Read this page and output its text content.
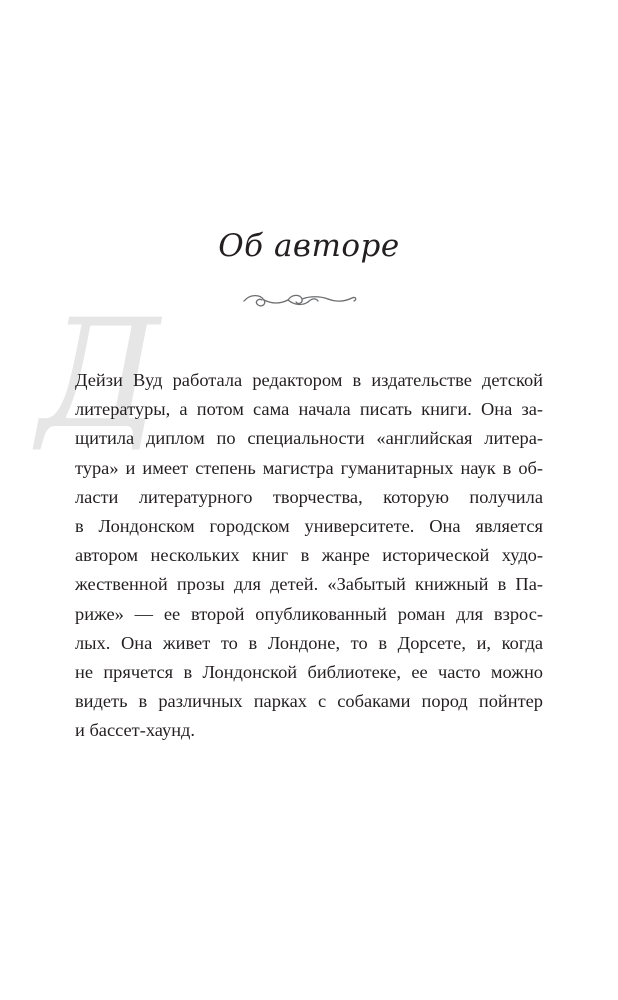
Об авторе
Д
Дейзи Вуд работала редактором в издательстве детской
литературы, а потом сама начала писать книги. Она за-
щитила диплом по специальности «английская литера-
тура» и имеет степень магистра гуманитарных наук в об-
ласти литературного творчества, которую получила
в Лондонском городском университете. Она является
автором нескольких книг в жанре исторической худо-
жественной прозы для детей. «Забытый книжный в Па-
риже» — ее второй опубликованный роман для взрос-
лых. Она живет то в Лондоне, то в Дорсете, и, когда
не прячется в Лондонской библиотеке, ее часто можно
видеть в различных парках с собаками пород пойнтер
и бассет-хаунд.
